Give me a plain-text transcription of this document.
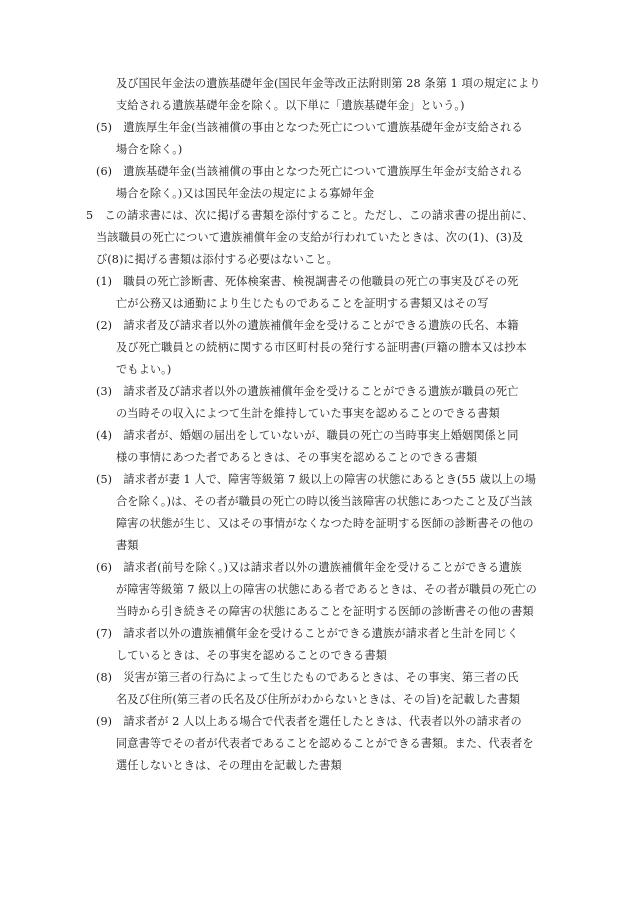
及び国民年金法の遺族基礎年金(国民年金等改正法附則第 28 条第 1 項の規定により
支給される遺族基礎年金を除く。以下単に「遺族基礎年金」という。)
(5)　遺族厚生年金(当該補償の事由となつた死亡について遺族基礎年金が支給される
場合を除く。)
(6)　遺族基礎年金(当該補償の事由となつた死亡について遺族厚生年金が支給される
場合を除く。)又は国民年金法の規定による寡婦年金
5　この請求書には、次に掲げる書類を添付すること。ただし、この請求書の提出前に、
当該職員の死亡について遺族補償年金の支給が行われていたときは、次の(1)、(3)及
び(8)に掲げる書類は添付する必要はないこと。
(1)　職員の死亡診断書、死体検案書、検視調書その他職員の死亡の事実及びその死
亡が公務又は通勤により生じたものであることを証明する書類又はその写
(2)　請求者及び請求者以外の遺族補償年金を受けることができる遺族の氏名、本籍
及び死亡職員との続柄に関する市区町村長の発行する証明書(戸籍の謄本又は抄本
でもよい。)
(3)　請求者及び請求者以外の遺族補償年金を受けることができる遺族が職員の死亡
の当時その収入によつて生計を維持していた事実を認めることのできる書類
(4)　請求者が、婚姻の届出をしていないが、職員の死亡の当時事実上婚姻関係と同
様の事情にあつた者であるときは、その事実を認めることのできる書類
(5)　請求者が妻 1 人で、障害等級第 7 級以上の障害の状態にあるとき(55 歳以上の場
合を除く。)は、その者が職員の死亡の時以後当該障害の状態にあつたこと及び当該
障害の状態が生じ、又はその事情がなくなつた時を証明する医師の診断書その他の
書類
(6)　請求者(前号を除く。)又は請求者以外の遺族補償年金を受けることができる遺族
が障害等級第 7 級以上の障害の状態にある者であるときは、その者が職員の死亡の
当時から引き続きその障害の状態にあることを証明する医師の診断書その他の書類
(7)　請求者以外の遺族補償年金を受けることができる遺族が請求者と生計を同じく
しているときは、その事実を認めることのできる書類
(8)　災害が第三者の行為によって生じたものであるときは、その事実、第三者の氏
名及び住所(第三者の氏名及び住所がわからないときは、その旨)を記載した書類
(9)　請求者が 2 人以上ある場合で代表者を選任したときは、代表者以外の請求者の
同意書等でその者が代表者であることを認めることができる書類。また、代表者を
選任しないときは、その理由を記載した書類
